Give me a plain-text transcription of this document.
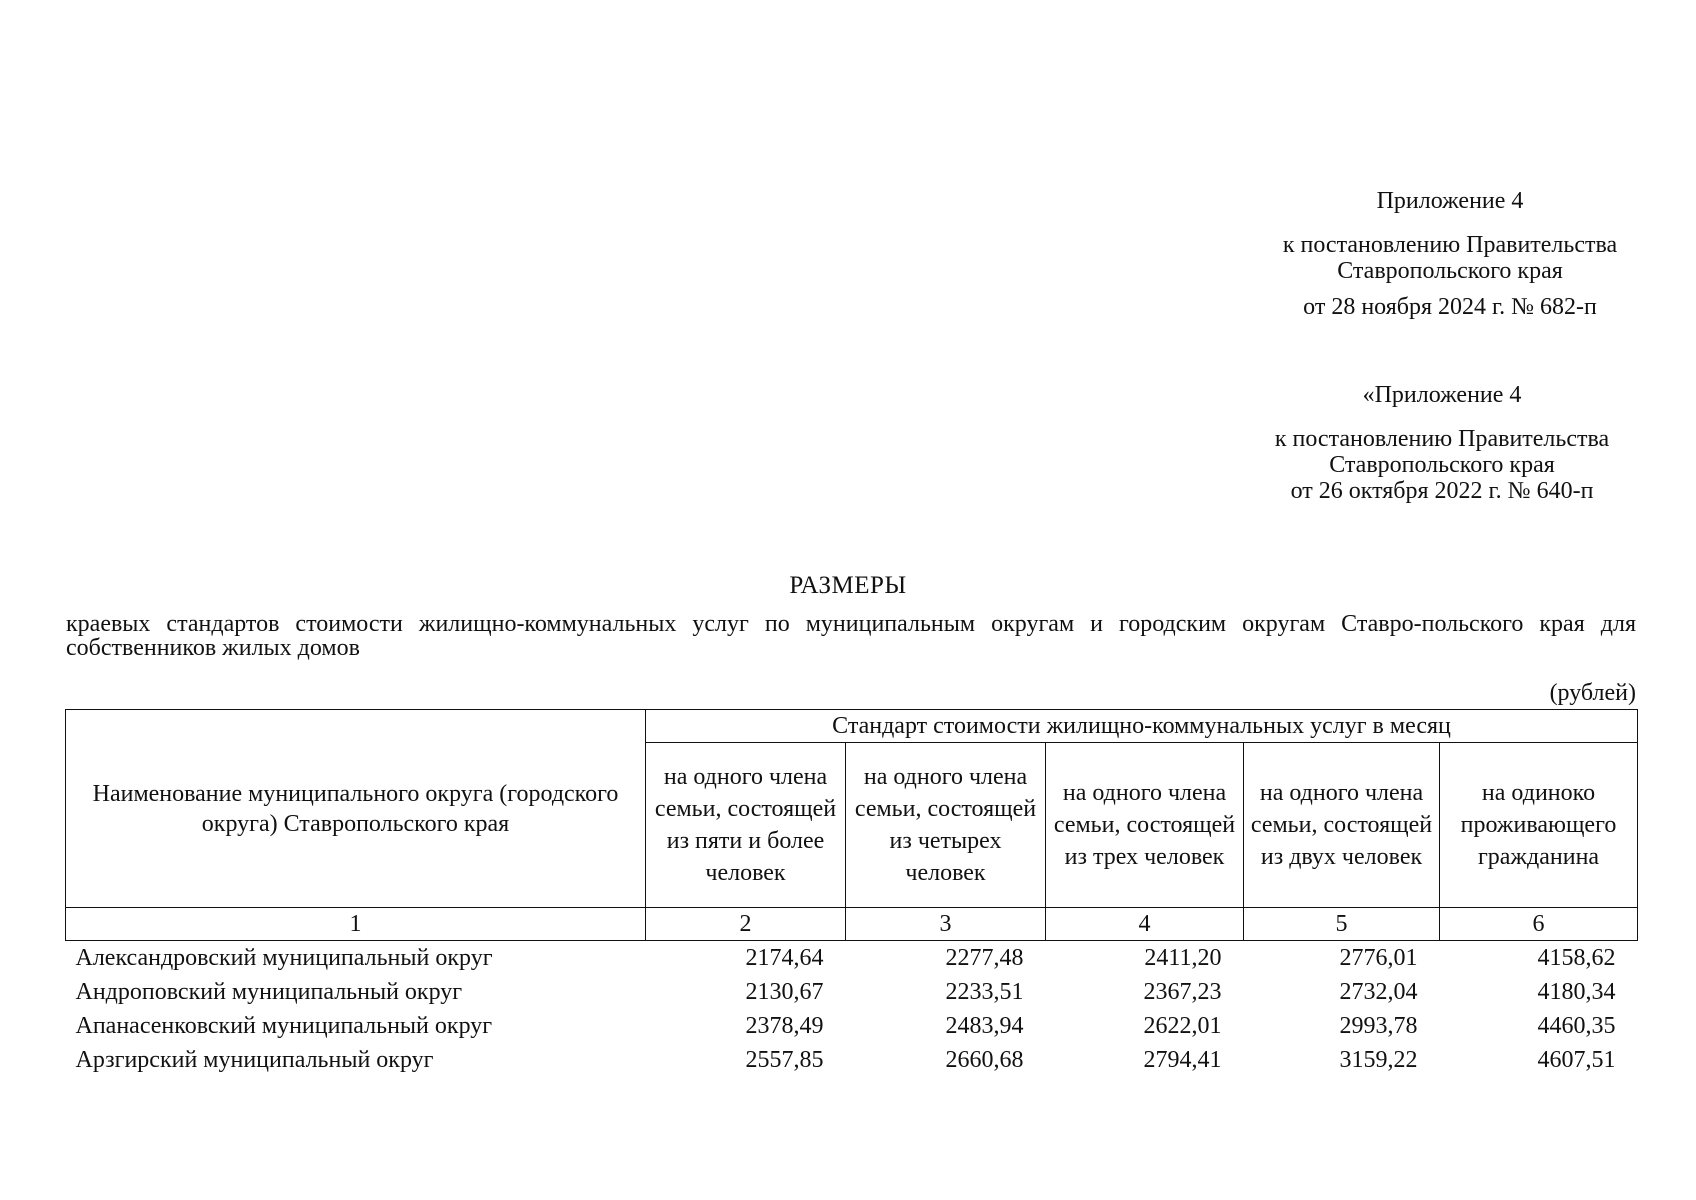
Приложение 4
к постановлению Правительства
Ставропольского края
от 28 ноября 2024 г. № 682-п
«Приложение 4
к постановлению Правительства
Ставропольского края
от 26 октября 2022 г. № 640-п
РАЗМЕРЫ
краевых стандартов стоимости жилищно-коммунальных услуг по муниципальным округам и городским округам Ставро-польского края для собственников жилых домов
(рублей)
Наименование муниципального округа (городского округа) Ставропольского края	Стандарт стоимости жилищно-коммунальных услуг в месяц				
	на одного члена семьи, состоящей из пяти и более человек	на одного члена семьи, состоящей из четырех человек	на одного члена семьи, состоящей из трех человек	на одного члена семьи, состоящей из двух человек	на одиноко проживающего гражданина
1	2	3	4	5	6
Александровский муниципальный округ	2174,64	2277,48	2411,20	2776,01	4158,62
Андроповский муниципальный округ	2130,67	2233,51	2367,23	2732,04	4180,34
Апанасенковский муниципальный округ	2378,49	2483,94	2622,01	2993,78	4460,35
Арзгирский муниципальный округ	2557,85	2660,68	2794,41	3159,22	4607,51
